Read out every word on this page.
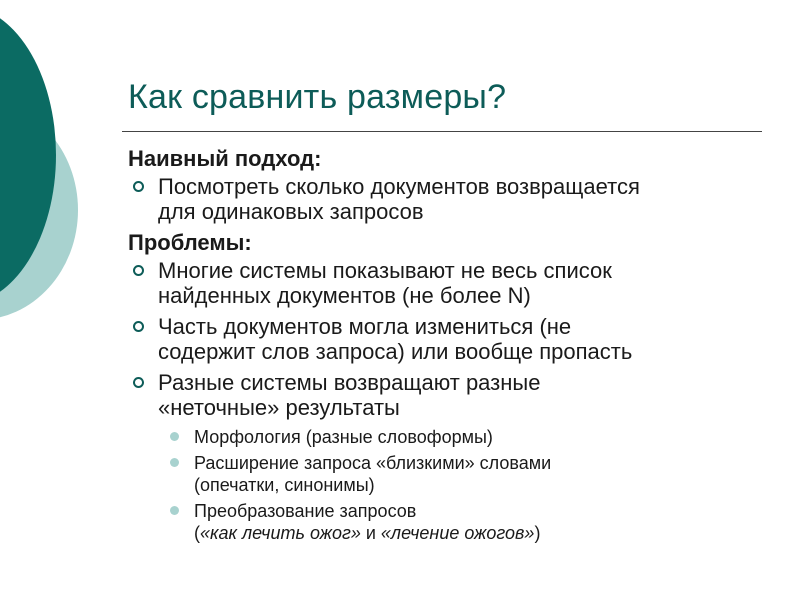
Как сравнить размеры?

Наивный подход:

Посмотреть сколько документов возвращается
для одинаковых запросов

Проблемы:

Многие системы показывают не весь список
найденных документов (не более N)
Часть документов могла измениться (не
содержит слов запроса) или вообще пропасть
Разные системы возвращают разные
«неточные» результаты
Морфология (разные словоформы)
Расширение запроса «близкими» словами
(опечатки, синонимы)
Преобразование запросов
(«как лечить ожог» и «лечение ожогов»)
